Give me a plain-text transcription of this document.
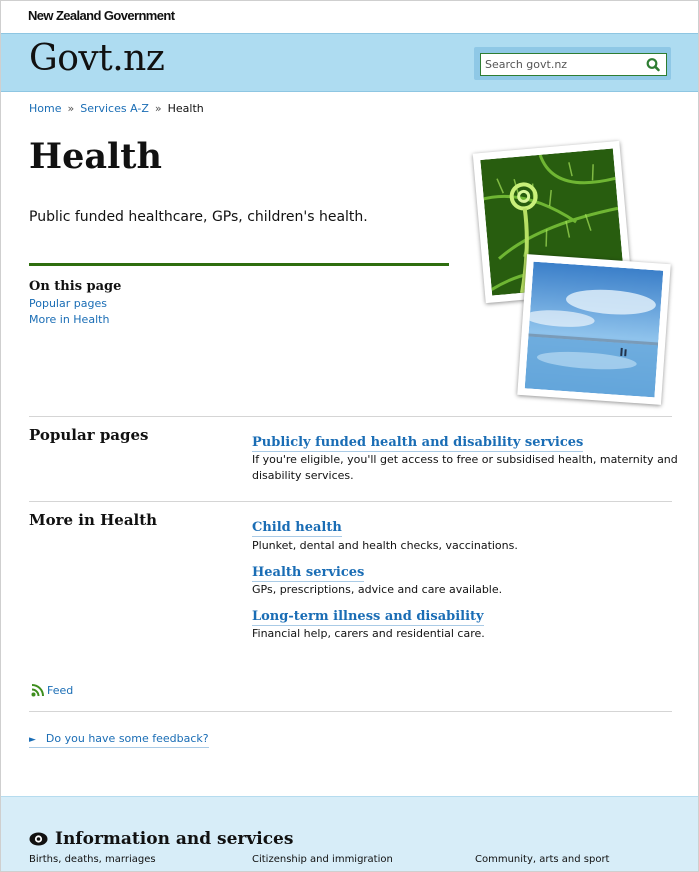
New Zealand Government
Govt.nz
Search govt.nz
Home » Services A-Z » Health
Health
Public funded healthcare, GPs, children's health.
On this page
Popular pages
More in Health
Popular pages	Publicly funded health and disability services
If you're eligible, you'll get access to free or subsidised health, maternity and disability services.
More in Health	Child health
Plunket, dental and health checks, vaccinations.
Health services
GPs, prescriptions, advice and care available.
Long-term illness and disability
Financial help, carers and residential care.
Feed
► Do you have some feedback?
Information and services
Births, deaths, marriages	Citizenship and immigration	Community, arts and sport
